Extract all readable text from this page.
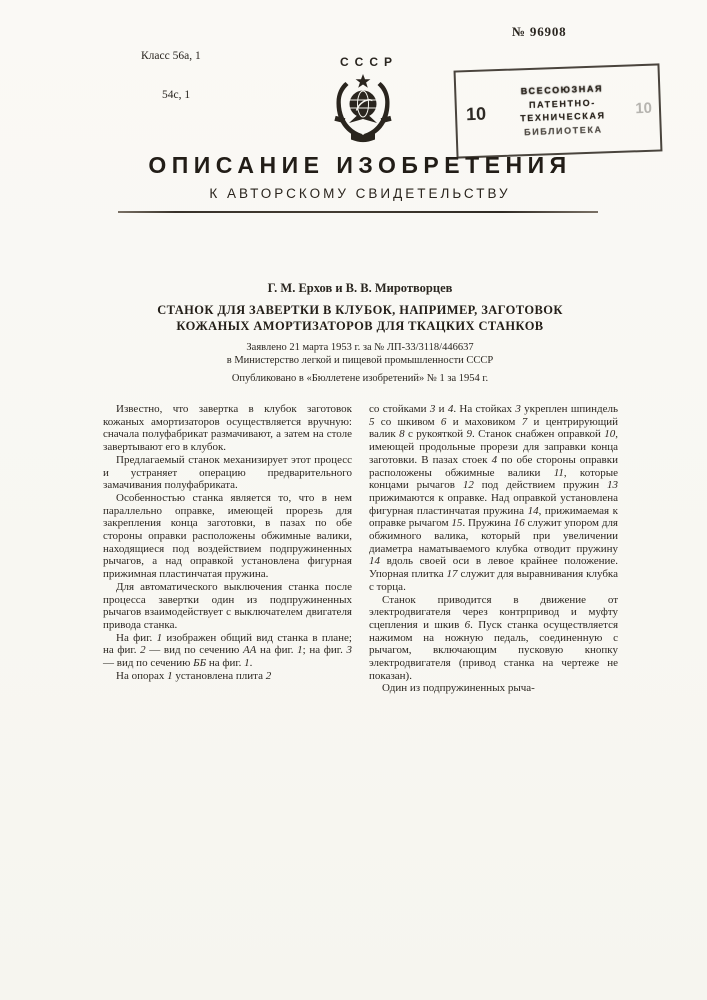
Класс 56а, 1

54с, 1

№ 96908
СССР
10
ВСЕСОЮЗНАЯ
ПАТЕНТНО-
ТЕХНИЧЕСКАЯ
БИБЛИОТЕКА
10
ОПИСАНИЕ ИЗОБРЕТЕНИЯ
К АВТОРСКОМУ СВИДЕТЕЛЬСТВУ
Г. М. Ерхов и В. В. Миротворцев
СТАНОК ДЛЯ ЗАВЕРТКИ В КЛУБОК, НАПРИМЕР, ЗАГОТОВОК
КОЖАНЫХ АМОРТИЗАТОРОВ ДЛЯ ТКАЦКИХ СТАНКОВ
Заявлено 21 марта 1953 г. за № ЛП-33/3118/446637
в Министерство легкой и пищевой промышленности СССР
Опубликовано в «Бюллетене изобретений» № 1 за 1954 г.

Известно, что завертка в клубок заготовок кожаных амортизаторов осуществляется вручную: сначала полуфабрикат размачивают, а затем на столе завертывают его в клубок.

Предлагаемый станок механизирует этот процесс и устраняет операцию предварительного замачивания полуфабриката.

Особенностью станка является то, что в нем параллельно оправке, имеющей прорезь для закрепления конца заготовки, в пазах по обе стороны оправки расположены обжимные валики, находящиеся под воздействием подпружиненных рычагов, а над оправкой установлена фигурная прижимная пластинчатая пружина.

Для автоматического выключения станка после процесса завертки один из подпружиненных рычагов взаимодействует с выключателем двигателя привода станка.

На фиг. 1 изображен общий вид станка в плане; на фиг. 2 — вид по сечению АА на фиг. 1; на фиг. 3 — вид по сечению ББ на фиг. 1.

На опорах 1 установлена плита 2

со стойками 3 и 4. На стойках 3 укреплен шпиндель 5 со шкивом 6 и маховиком 7 и центрирующий валик 8 с рукояткой 9. Станок снабжен оправкой 10, имеющей продольные прорези для заправки конца заготовки. В пазах стоек 4 по обе стороны оправки расположены обжимные валики 11, которые концами рычагов 12 под действием пружин 13 прижимаются к оправке. Над оправкой установлена фигурная пластинчатая пружина 14, прижимаемая к оправке рычагом 15. Пружина 16 служит упором для обжимного валика, который при увеличении диаметра наматываемого клубка отводит пружину 14 вдоль своей оси в левое крайнее положение. Упорная плитка 17 служит для выравнивания клубка с торца.

Станок приводится в движение от электродвигателя через контрпривод и муфту сцепления и шкив 6. Пуск станка осуществляется нажимом на ножную педаль, соединенную с рычагом, включающим пусковую кнопку электродвигателя (привод станка на чертеже не показан).

Один из подпружиненных рыча-
